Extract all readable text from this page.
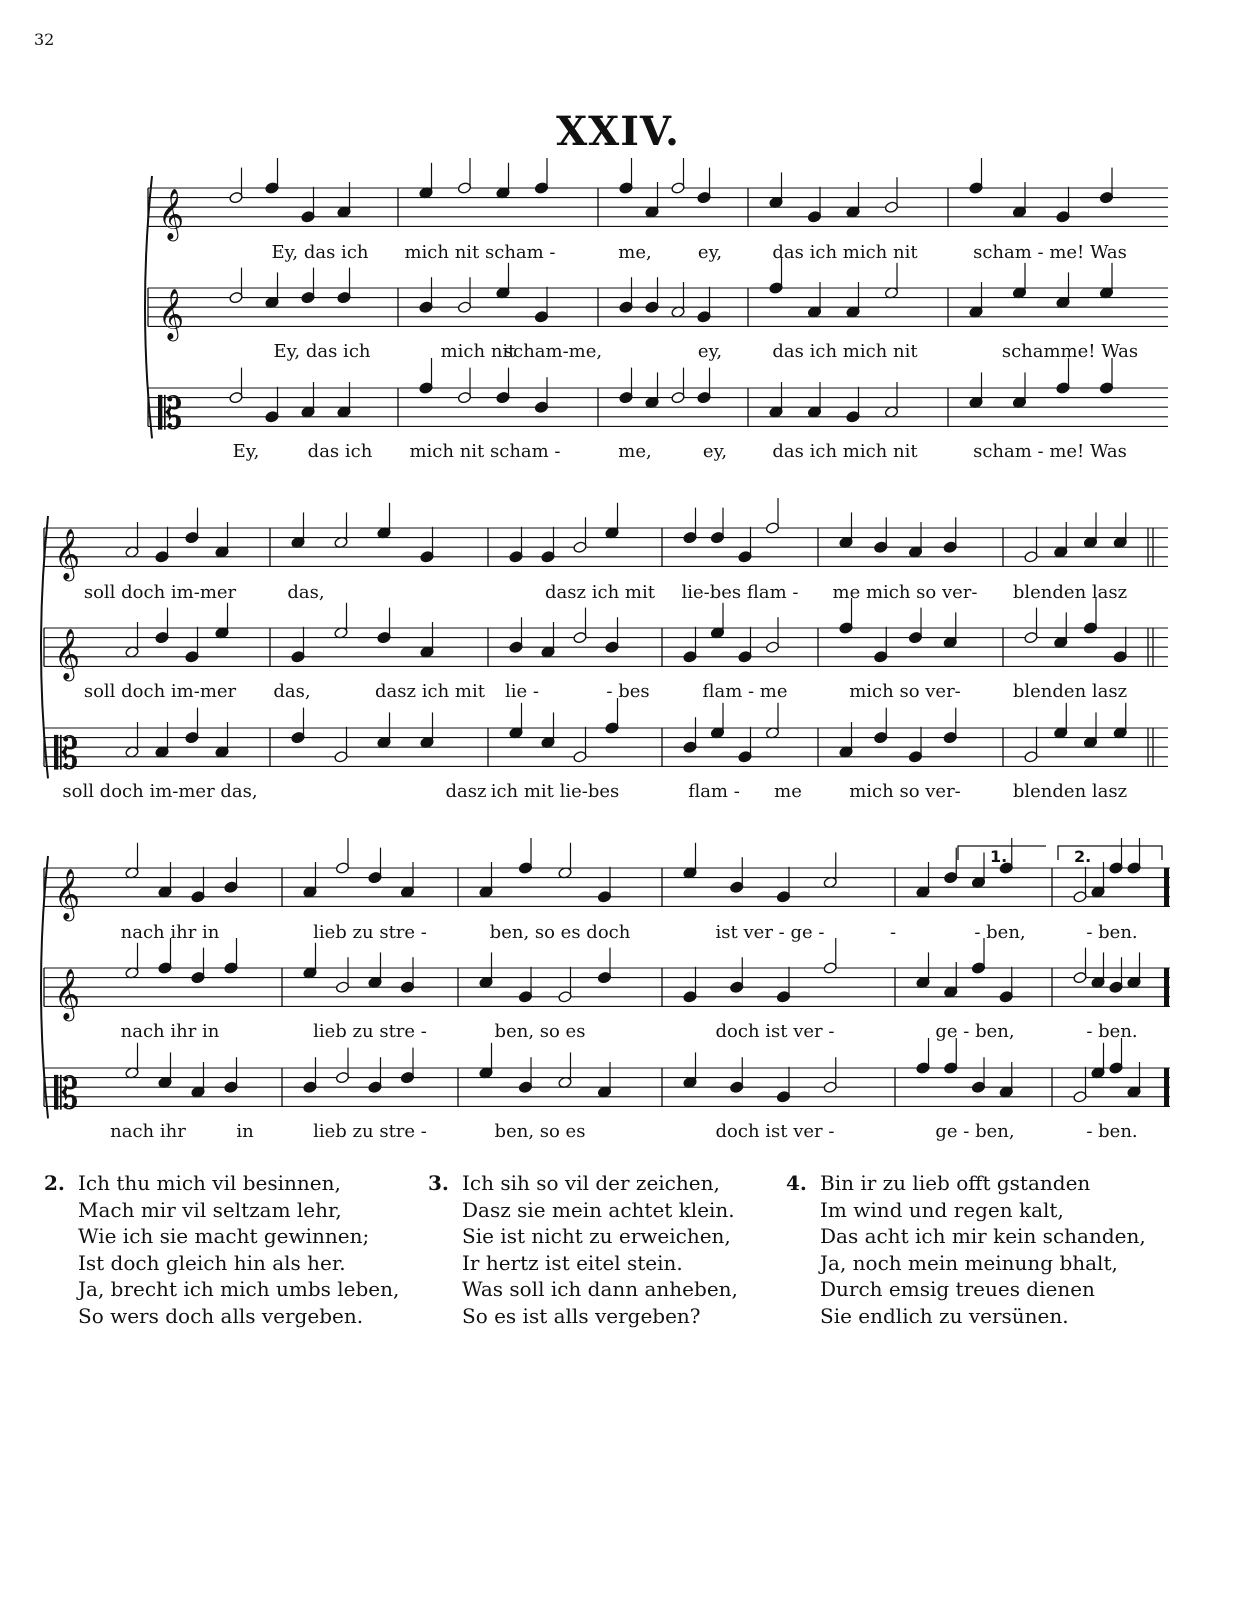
32
XXIV.
𝄞
Ey, das ich mich nit scham -	me,	ey,	das ich mich nit	scham - me! Was
𝄞
Ey, das ich	mich nit
scham-me,	ey,	das ich mich nit	schamme! Was
𝄡
Ey,	das ich mich nit scham -	me,	ey,	das ich mich nit	scham - me! Was
𝄞
soll doch im-mer	das,	dasz ich mit lie-bes flam - me mich so ver- blenden lasz
𝄞
soll doch im-mer das,	dasz ich mit lie -	- bes	flam - me	mich so ver-	blenden lasz
𝄡
soll doch im-mer das,	dasz ich mit lie-bes	flam - me	mich so ver-	blenden lasz
𝄞
nach ihr in	lieb zu stre -	ben, so es doch	ist ver - ge -	-	- ben,	- ben.
𝄞
nach ihr in	lieb zu stre -	ben, so es	doch ist ver -	ge - ben,	- ben.
𝄡
nach ihr	in	lieb zu stre -	ben, so es	doch ist ver -	ge - ben,	- ben.
1.	2.
2. Ich thu mich vil besinnen,
Mach mir vil seltzam lehr,
Wie ich sie macht gewinnen;
Ist doch gleich hin als her.
Ja, brecht ich mich umbs leben,
So wers doch alls vergeben.
3. Ich sih so vil der zeichen,
Dasz sie mein achtet klein.
Sie ist nicht zu erweichen,
Ir hertz ist eitel stein.
Was soll ich dann anheben,
So es ist alls vergeben?
4. Bin ir zu lieb offt gstanden
Im wind und regen kalt,
Das acht ich mir kein schanden,
Ja, noch mein meinung bhalt,
Durch emsig treues dienen
Sie endlich zu versünen.
